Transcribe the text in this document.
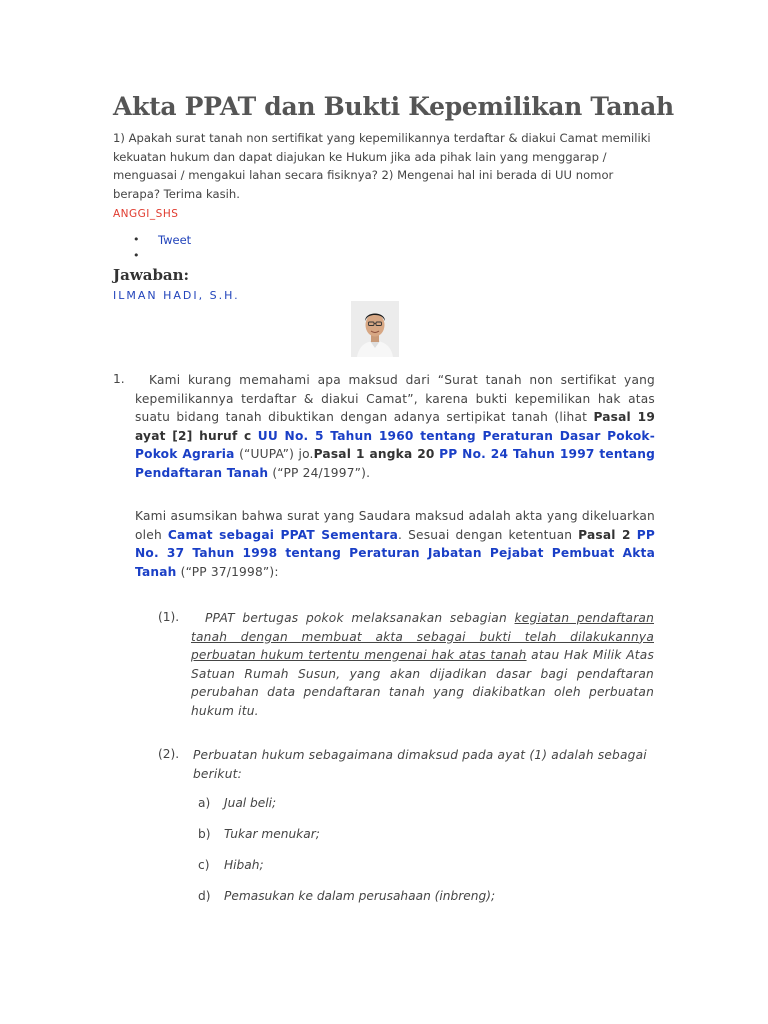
Akta PPAT dan Bukti Kepemilikan Tanah

1) Apakah surat tanah non sertifikat yang kepemilikannya terdaftar & diakui Camat memiliki kekuatan hukum dan dapat diajukan ke Hukum jika ada pihak lain yang menggarap / menguasai / mengakui lahan secara fisiknya? 2) Mengenai hal ini berada di UU nomor berapa? Terima kasih.

ANGGI_SHS
• Tweet
•
Jawaban:
ILMAN HADI, S.H.
1.	Kami kurang memahami apa maksud dari “Surat tanah non sertifikat yang kepemilikannya terdaftar & diakui Camat”, karena bukti kepemilikan hak atas suatu bidang tanah dibuktikan dengan adanya sertipikat tanah (lihat Pasal 19 ayat [2] huruf c UU No. 5 Tahun 1960 tentang Peraturan Dasar Pokok-Pokok Agraria (“UUPA”) jo.Pasal 1 angka 20 PP No. 24 Tahun 1997 tentang Pendaftaran Tanah (“PP 24/1997”).

Kami asumsikan bahwa surat yang Saudara maksud adalah akta yang dikeluarkan oleh Camat sebagai PPAT Sementara. Sesuai dengan ketentuan Pasal 2 PP No. 37 Tahun 1998 tentang Peraturan Jabatan Pejabat Pembuat Akta Tanah (“PP 37/1998”):

(1).	PPAT bertugas pokok melaksanakan sebagian kegiatan pendaftaran tanah dengan membuat akta sebagai bukti telah dilakukannya perbuatan hukum tertentu mengenai hak atas tanah atau Hak Milik Atas Satuan Rumah Susun, yang akan dijadikan dasar bagi pendaftaran perubahan data pendaftaran tanah yang diakibatkan oleh perbuatan hukum itu.

(2). Perbuatan hukum sebagaimana dimaksud pada ayat (1) adalah sebagai berikut:

a) Jual beli;
b) Tukar menukar;
c) Hibah;
d) Pemasukan ke dalam perusahaan (inbreng);
